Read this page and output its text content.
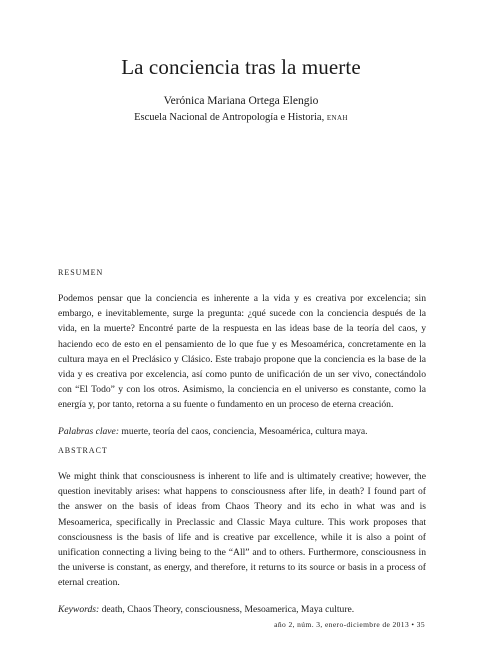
La conciencia tras la muerte
Verónica Mariana Ortega Elengio
Escuela Nacional de Antropología e Historia, ENAH

RESUMEN

Podemos pensar que la conciencia es inherente a la vida y es creativa por excelencia; sin embargo, e inevitablemente, surge la pregunta: ¿qué sucede con la conciencia después de la vida, en la muerte? Encontré parte de la respuesta en las ideas base de la teoría del caos, y haciendo eco de esto en el pensamiento de lo que fue y es Mesoamérica, concretamente en la cultura maya en el Preclásico y Clásico. Este trabajo propone que la conciencia es la base de la vida y es creativa por excelencia, así como punto de unificación de un ser vivo, conectándolo con “El Todo” y con los otros. Asimismo, la conciencia en el universo es constante, como la energía y, por tanto, retorna a su fuente o fundamento en un proceso de eterna creación.

Palabras clave: muerte, teoría del caos, conciencia, Mesoamérica, cultura maya.

ABSTRACT

We might think that consciousness is inherent to life and is ultimately creative; however, the question inevitably arises: what happens to consciousness after life, in death? I found part of the answer on the basis of ideas from Chaos Theory and its echo in what was and is Mesoamerica, specifically in Preclassic and Classic Maya culture. This work proposes that consciousness is the basis of life and is creative par excellence, while it is also a point of unification connecting a living being to the “All” and to others. Furthermore, consciousness in the universe is constant, as energy, and therefore, it returns to its source or basis in a process of eternal creation.

Keywords: death, Chaos Theory, consciousness, Mesoamerica, Maya culture.

año 2, núm. 3, enero-diciembre de 2013 • 35
